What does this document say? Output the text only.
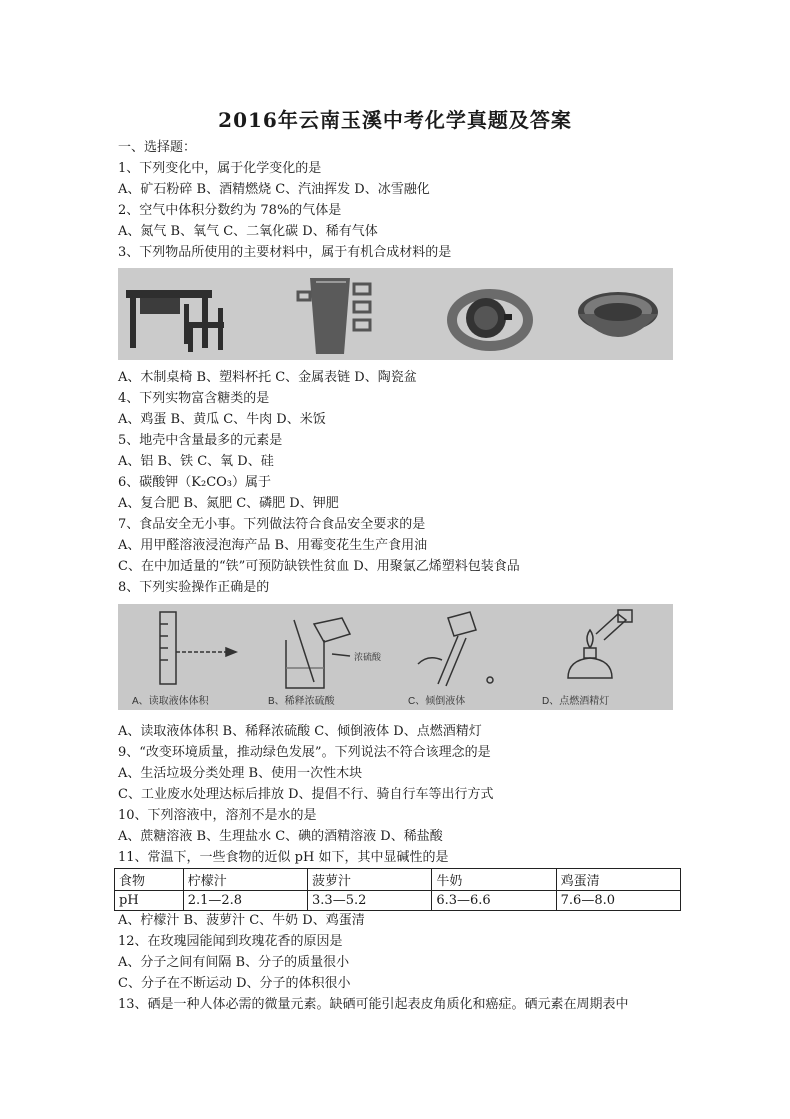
2016年云南玉溪中考化学真题及答案
一、选择题：
1、下列变化中，属于化学变化的是
A、矿石粉碎 B、酒精燃烧 C、汽油挥发 D、冰雪融化
2、空气中体积分数约为 78%的气体是
A、氮气 B、氧气 C、二氧化碳 D、稀有气体
3、下列物品所使用的主要材料中，属于有机合成材料的是
A、木制桌椅 B、塑料杯托 C、金属表链 D、陶瓷盆
4、下列实物富含糖类的是
A、鸡蛋 B、黄瓜 C、牛肉 D、米饭
5、地壳中含量最多的元素是
A、铝 B、铁 C、氧 D、硅
6、碳酸钾（K₂CO₃）属于
A、复合肥 B、氮肥 C、磷肥 D、钾肥
7、食品安全无小事。下列做法符合食品安全要求的是
A、用甲醛溶液浸泡海产品 B、用霉变花生生产食用油
C、在中加适量的“铁”可预防缺铁性贫血 D、用聚氯乙烯塑料包装食品
8、下列实验操作正确是的
浓硫酸
A、读取液体体积	B、稀释浓硫酸	C、倾倒液体	D、点燃酒精灯
A、读取液体体积 B、稀释浓硫酸 C、倾倒液体 D、点燃酒精灯
9、“改变环境质量，推动绿色发展”。下列说法不符合该理念的是
A、生活垃圾分类处理 B、使用一次性木块
C、工业废水处理达标后排放 D、提倡不行、骑自行车等出行方式
10、下列溶液中，溶剂不是水的是
A、蔗糖溶液 B、生理盐水 C、碘的酒精溶液 D、稀盐酸
11、常温下，一些食物的近似 pH 如下，其中显碱性的是
食物	柠檬汁	菠萝汁	牛奶	鸡蛋清
pH	2.1—2.8	3.3—5.2	6.3—6.6	7.6—8.0
A、柠檬汁 B、菠萝汁 C、牛奶 D、鸡蛋清
12、在玫瑰园能闻到玫瑰花香的原因是
A、分子之间有间隔 B、分子的质量很小
C、分子在不断运动 D、分子的体积很小
13、硒是一种人体必需的微量元素。缺硒可能引起表皮角质化和癌症。硒元素在周期表中
